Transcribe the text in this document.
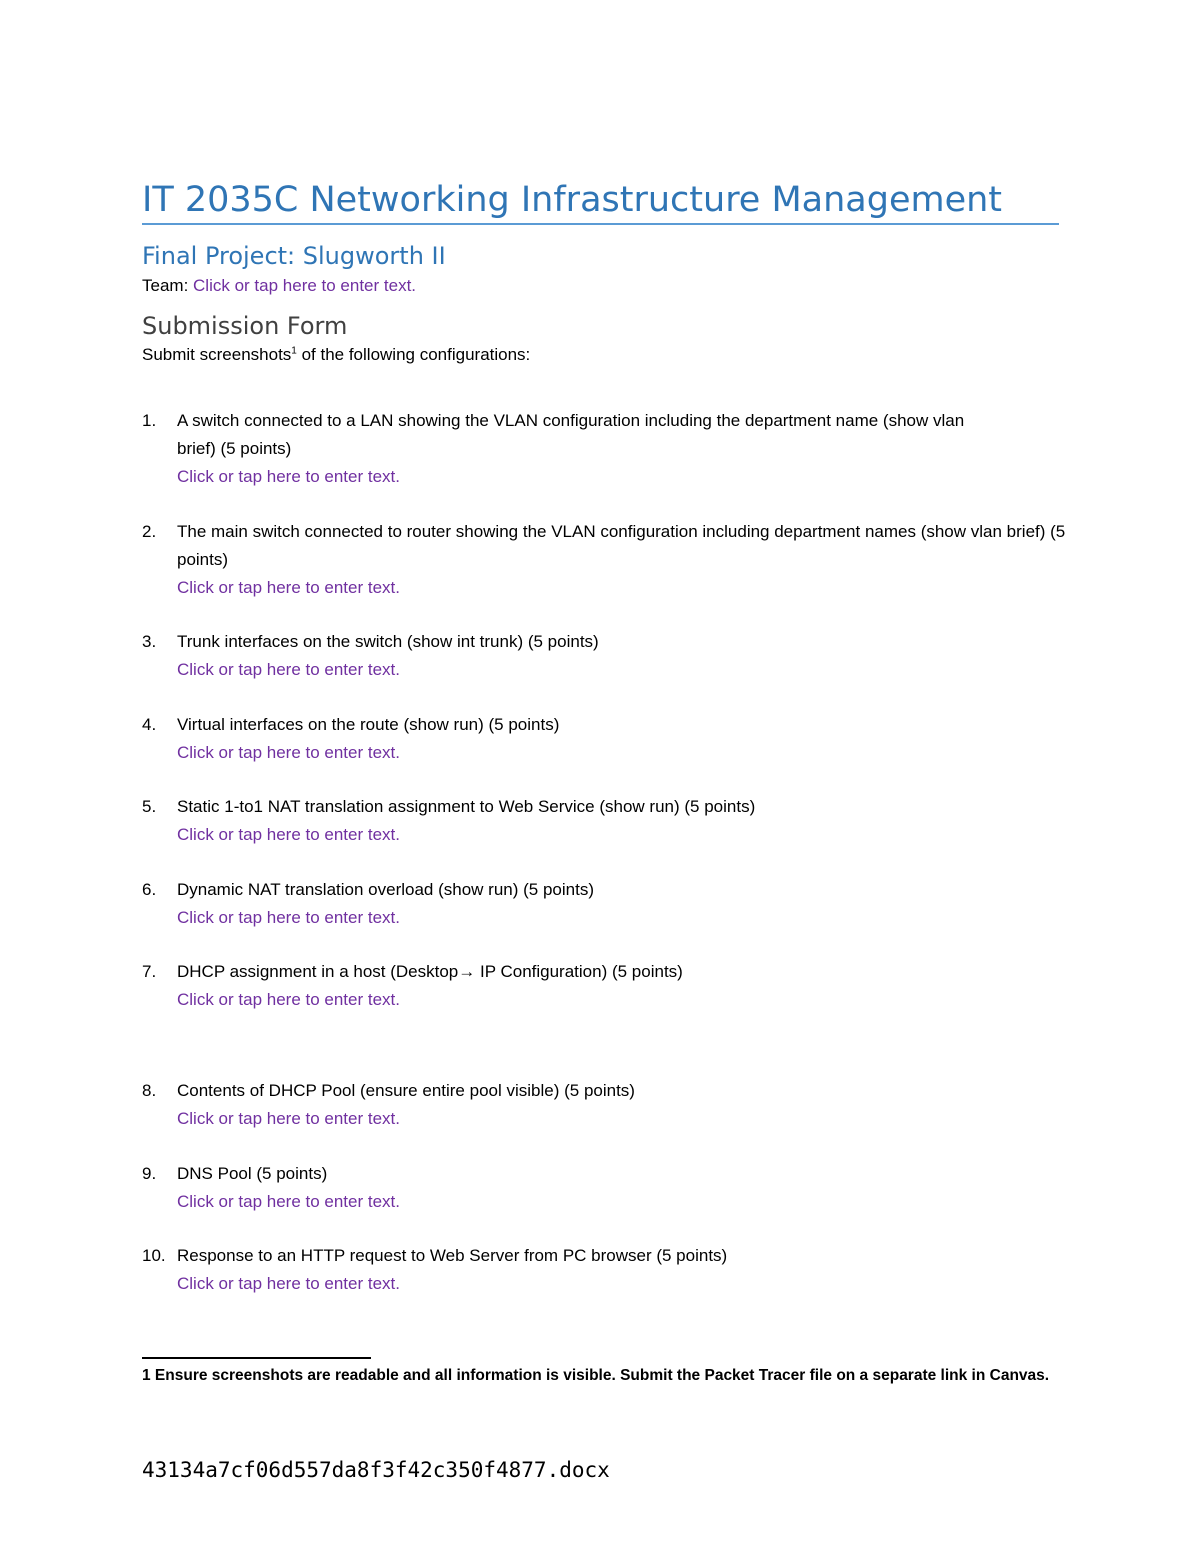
IT 2035C Networking Infrastructure Management
Final Project: Slugworth II
Team: Click or tap here to enter text.
Submission Form
Submit screenshots$^1$ of the following configurations:
1. A switch connected to a LAN showing the VLAN configuration including the department name (show vlan brief) (5 points)
Click or tap here to enter text.
2. The main switch connected to router showing the VLAN configuration including department names (show vlan brief) (5 points)
Click or tap here to enter text.
3. Trunk interfaces on the switch (show int trunk) (5 points)
Click or tap here to enter text.
4. Virtual interfaces on the route (show run) (5 points)
Click or tap here to enter text.
5. Static 1-to1 NAT translation assignment to Web Service (show run) (5 points)
Click or tap here to enter text.
6. Dynamic NAT translation overload (show run) (5 points)
Click or tap here to enter text.
7. DHCP assignment in a host (Desktop→ IP Configuration) (5 points)
Click or tap here to enter text.
8. Contents of DHCP Pool (ensure entire pool visible) (5 points)
Click or tap here to enter text.
9. DNS Pool (5 points)
Click or tap here to enter text.
10. Response to an HTTP request to Web Server from PC browser (5 points)
Click or tap here to enter text.
1 Ensure screenshots are readable and all information is visible. Submit the Packet Tracer file on a separate link in Canvas.
43134a7cf06d557da8f3f42c350f4877.docx
